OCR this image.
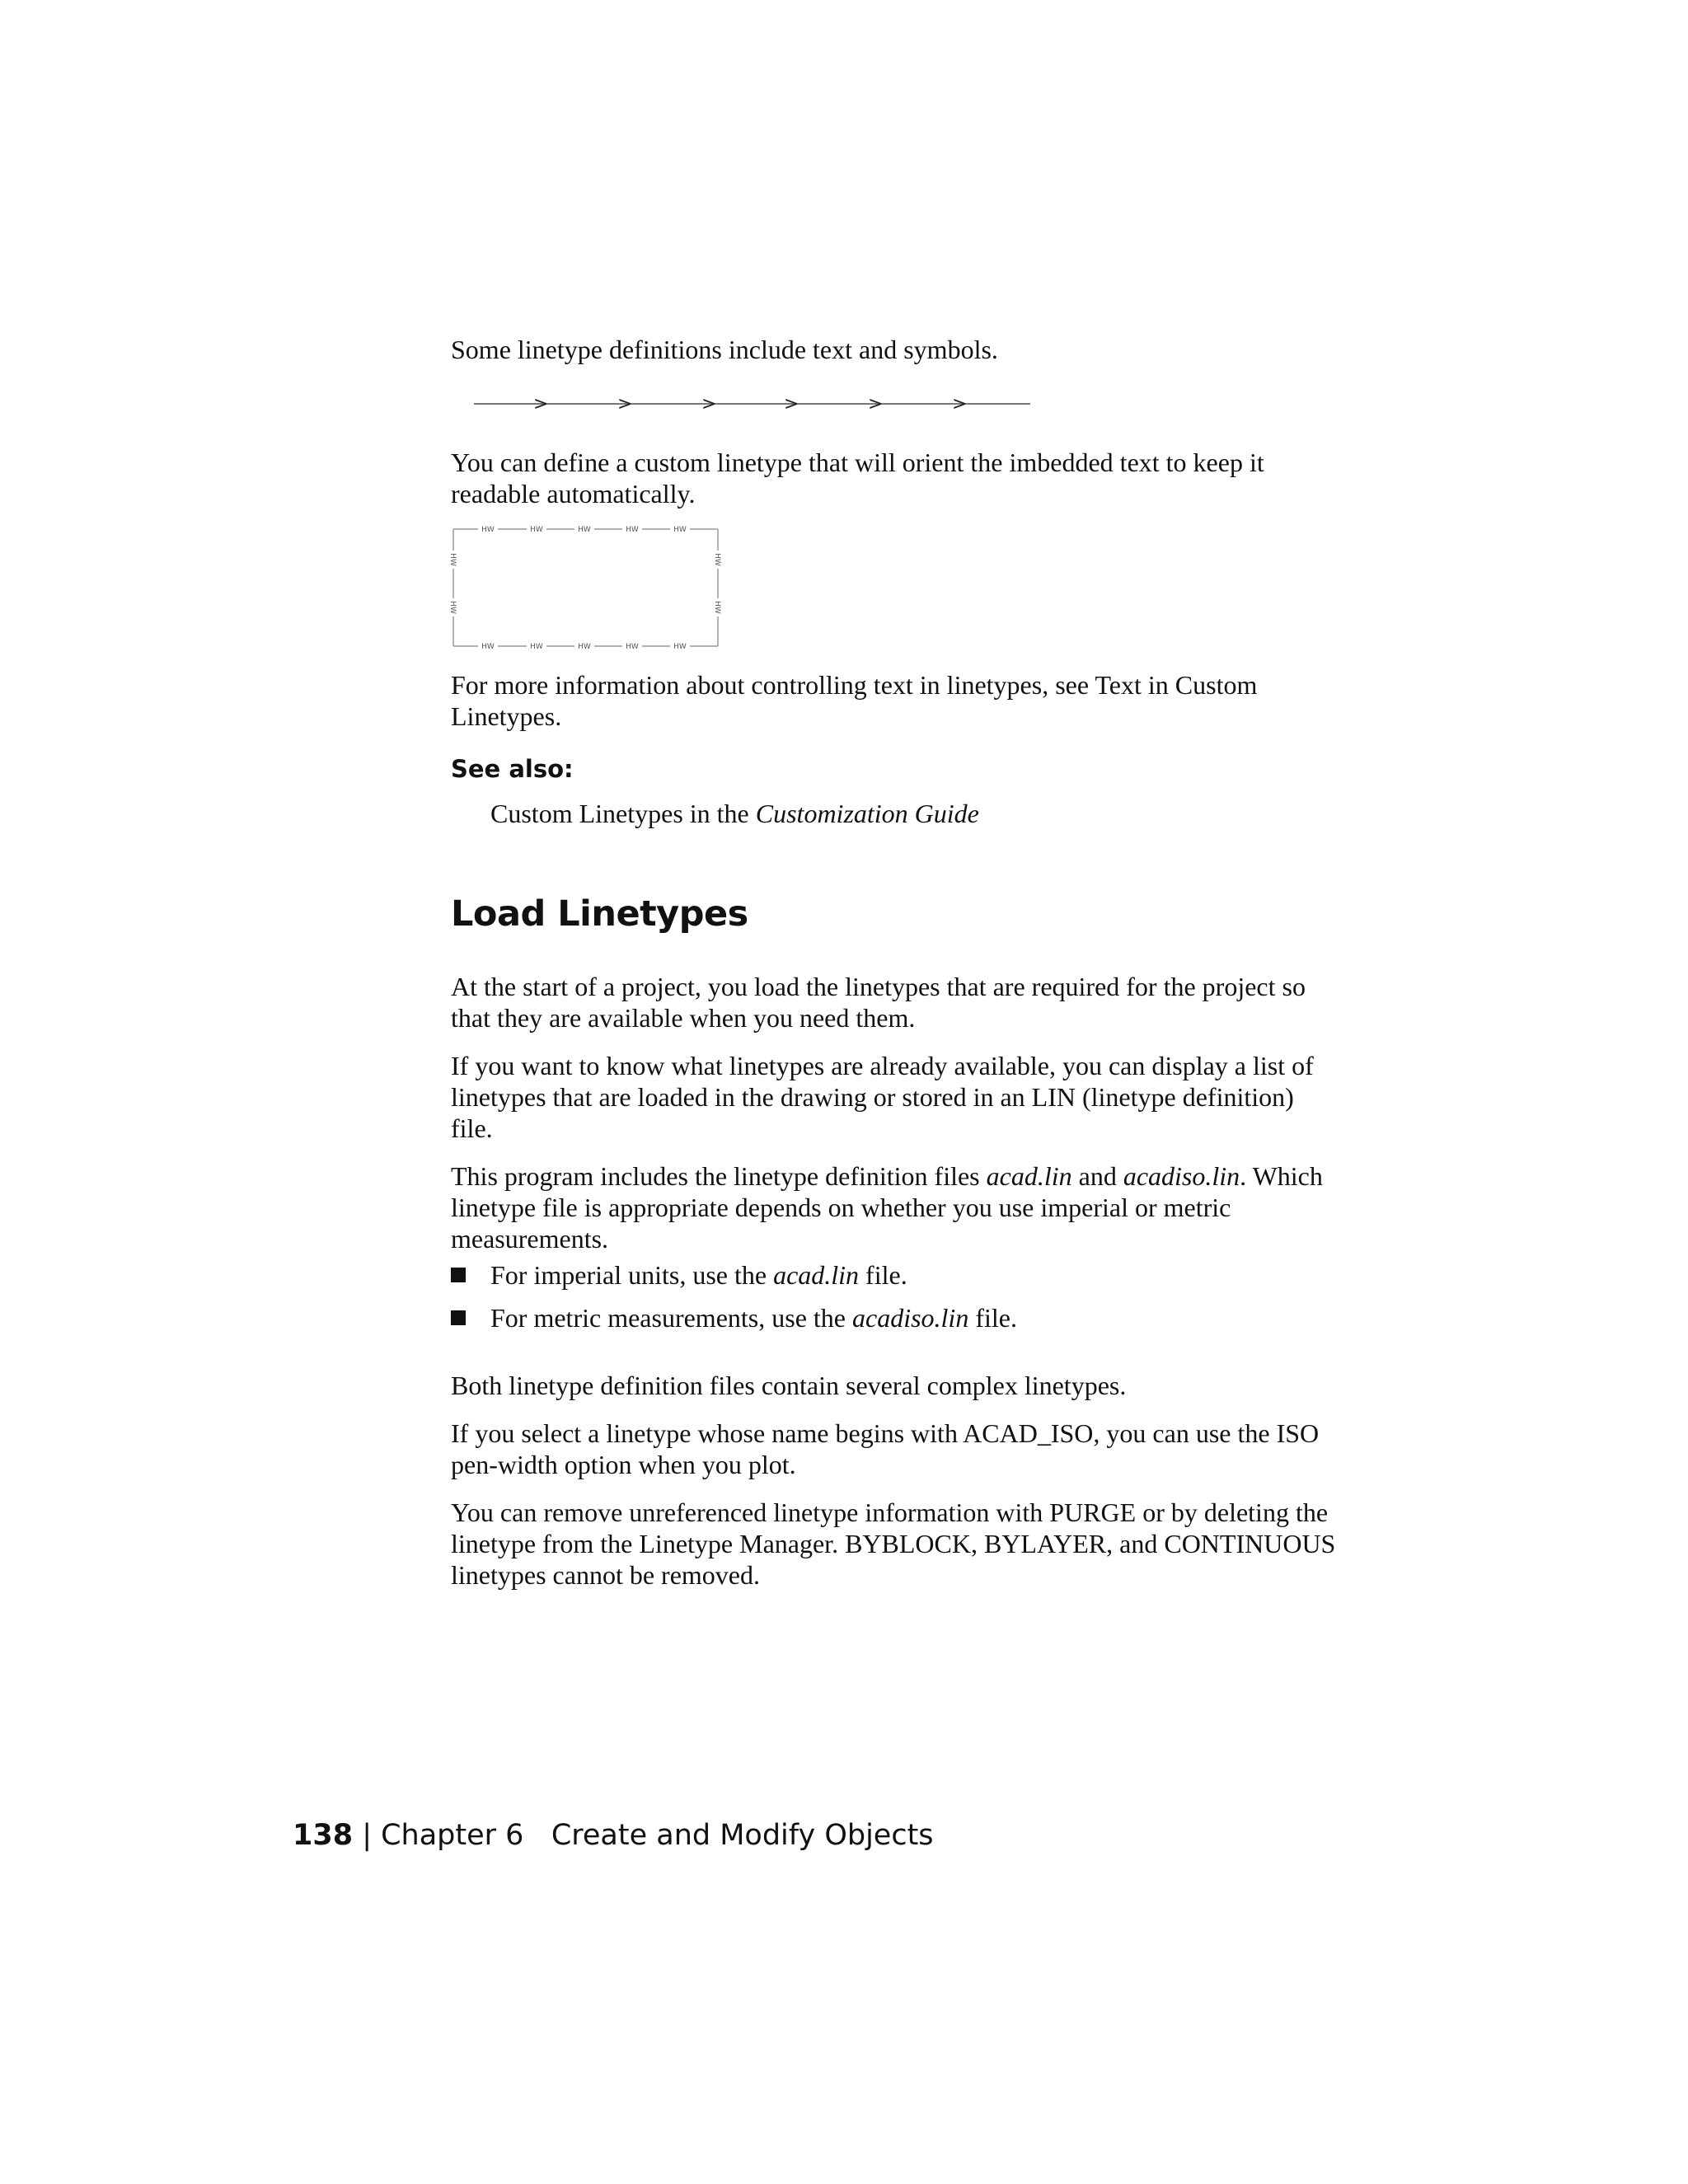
Some linetype definitions include text and symbols.

>	>	>	>	>	>

You can define a custom linetype that will orient the imbedded text to keep it readable automatically.

HW	HW	HW	HW	HW
HW	HW	HW	HW	HW
HW
HW
HW
HW

For more information about controlling text in linetypes, see Text in Custom Linetypes.

See also:
Custom Linetypes in the Customization Guide
Load Linetypes

At the start of a project, you load the linetypes that are required for the project so that they are available when you need them.

If you want to know what linetypes are already available, you can display a list of linetypes that are loaded in the drawing or stored in an LIN (linetype definition) file.

This program includes the linetype definition files acad.lin and acadiso.lin. Which linetype file is appropriate depends on whether you use imperial or metric measurements.

For imperial units, use the acad.lin file.
For metric measurements, use the acadiso.lin file.

Both linetype definition files contain several complex linetypes.

If you select a linetype whose name begins with ACAD_ISO, you can use the ISO pen-width option when you plot.

You can remove unreferenced linetype information with PURGE or by deleting the linetype from the Linetype Manager. BYBLOCK, BYLAYER, and CONTINUOUS linetypes cannot be removed.

138 | Chapter 6 Create and Modify Objects
